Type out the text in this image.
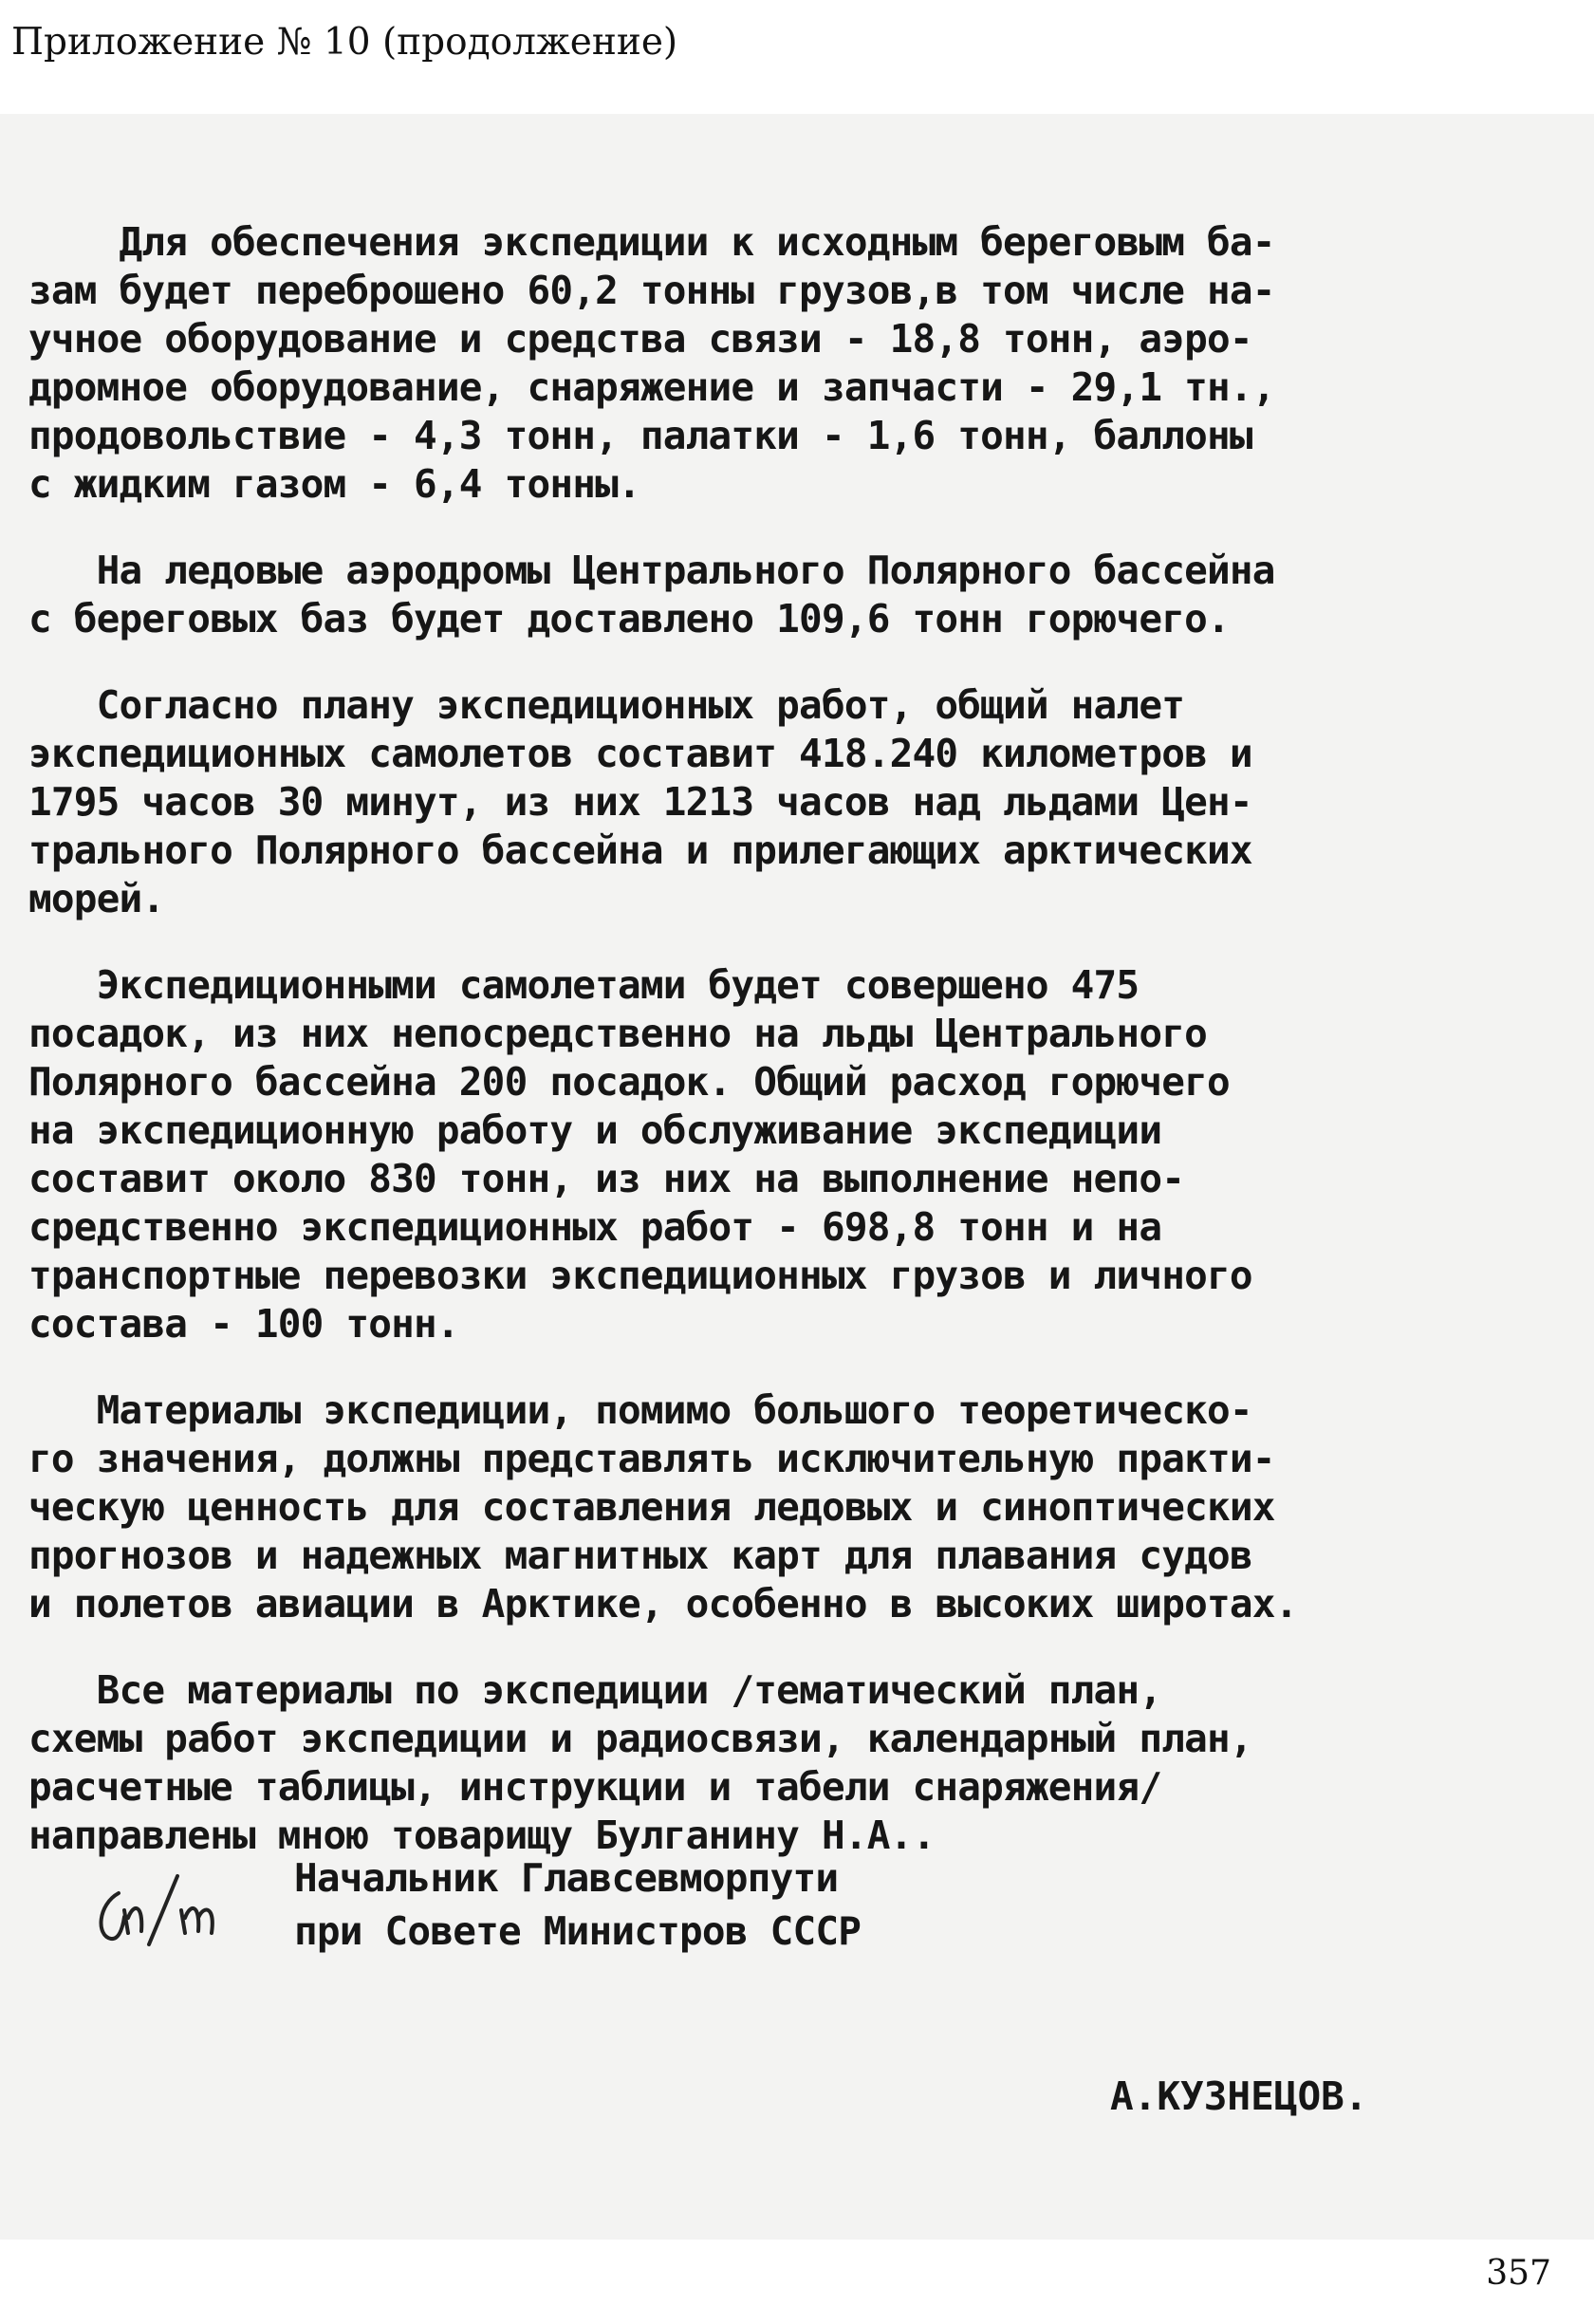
Приложение № 10 (продолжение)
Для обеспечения экспедиции к исходным береговым ба-
зам будет переброшено 60,2 тонны грузов,в том числе на-
учное оборудование и средства связи - 18,8 тонн, аэро-
дромное оборудование, снаряжение и запчасти - 29,1 тн.,
продовольствие - 4,3 тонн, палатки - 1,6 тонн, баллоны
с жидким газом - 6,4 тонны.
На ледовые аэродромы Центрального Полярного бассейна
с береговых баз будет доставлено 109,6 тонн горючего.
Согласно плану экспедиционных работ, общий налет
экспедиционных самолетов составит 418.240 километров и
1795 часов 30 минут, из них 1213 часов над льдами Цен-
трального Полярного бассейна и прилегающих арктических
морей.
Экспедиционными самолетами будет совершено 475
посадок, из них непосредственно на льды Центрального
Полярного бассейна 200 посадок. Общий расход горючего
на экспедиционную работу и обслуживание экспедиции
составит около 830 тонн, из них на выполнение непо-
средственно экспедиционных работ - 698,8 тонн и на
транспортные перевозки экспедиционных грузов и личного
состава - 100 тонн.
Материалы экспедиции, помимо большого теоретическо-
го значения, должны представлять исключительную практи-
ческую ценность для составления ледовых и синоптических
прогнозов и надежных магнитных карт для плавания судов
и полетов авиации в Арктике, особенно в высоких широтах.
Все материалы по экспедиции /тематический план,
схемы работ экспедиции и радиосвязи, календарный план,
расчетные таблицы, инструкции и табели снаряжения/
направлены мною товарищу Булганину Н.А..
Начальник Главсевморпути
при Совете Министров СССР
А.КУЗНЕЦОВ.
357
